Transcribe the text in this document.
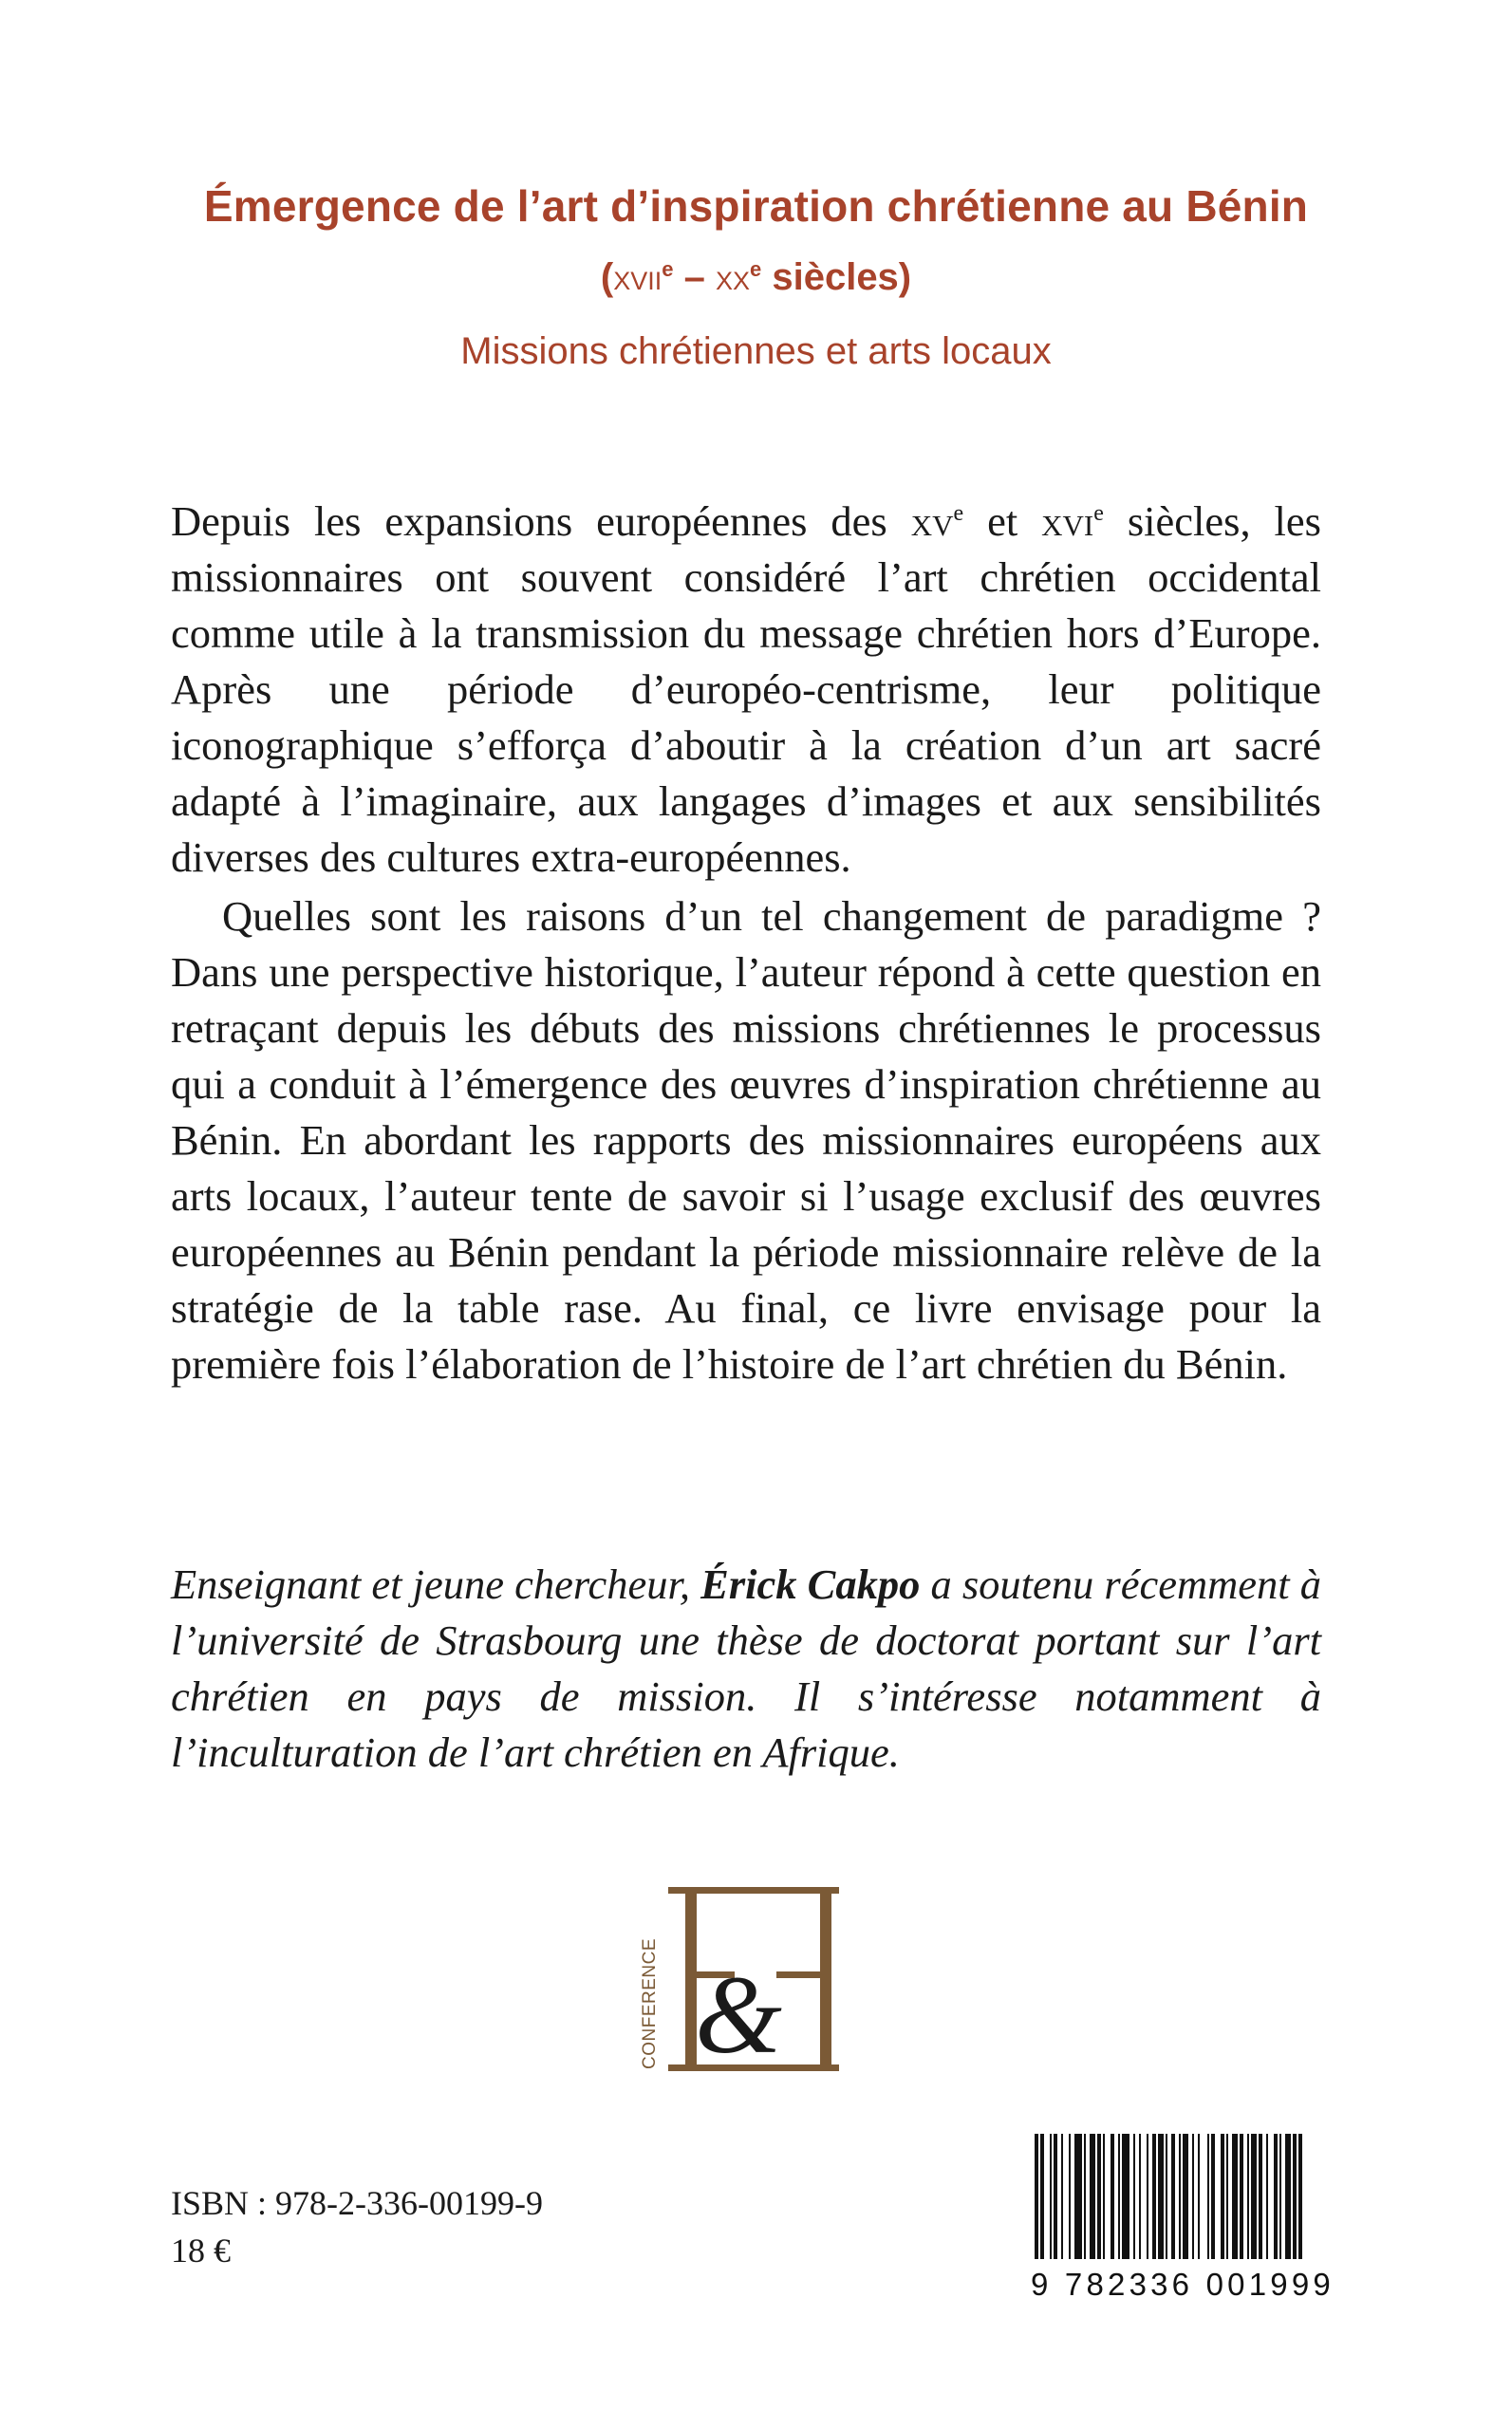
Émergence de l’art d’inspiration chrétienne au Bénin
(xvii$^e$ – $xx^e$ siècles)
Missions chrétiennes et arts locaux

Depuis les expansions européennes des $xv^e$ et xvi$^e$ siècles, les missionnaires ont souvent considéré l’art chrétien occidental comme utile à la transmission du message chrétien hors d’Europe. Après une période d’européo-centrisme, leur politique iconographique s’efforça d’aboutir à la création d’un art sacré adapté à l’imaginaire, aux langages d’images et aux sensibilités diverses des cultures extra-européennes.

Quelles sont les raisons d’un tel changement de paradigme ? Dans une perspective historique, l’auteur répond à cette question en retraçant depuis les débuts des missions chrétiennes le processus qui a conduit à l’émergence des œuvres d’inspiration chrétienne au Bénin. En abordant les rapports des missionnaires européens aux arts locaux, l’auteur tente de savoir si l’usage exclusif des œuvres européennes au Bénin pendant la période missionnaire relève de la stratégie de la table rase. Au final, ce livre envisage pour la première fois l’élaboration de l’histoire de l’art chrétien du Bénin.

Enseignant et jeune chercheur, Érick Cakpo a soutenu récemment à l’université de Strasbourg une thèse de doctorat portant sur l’art chrétien en pays de mission. Il s’intéresse notamment à l’inculturation de l’art chrétien en Afrique.
CONFERENCE &
ISBN : 978-2-336-00199-9
18 €
9 782336 001999
